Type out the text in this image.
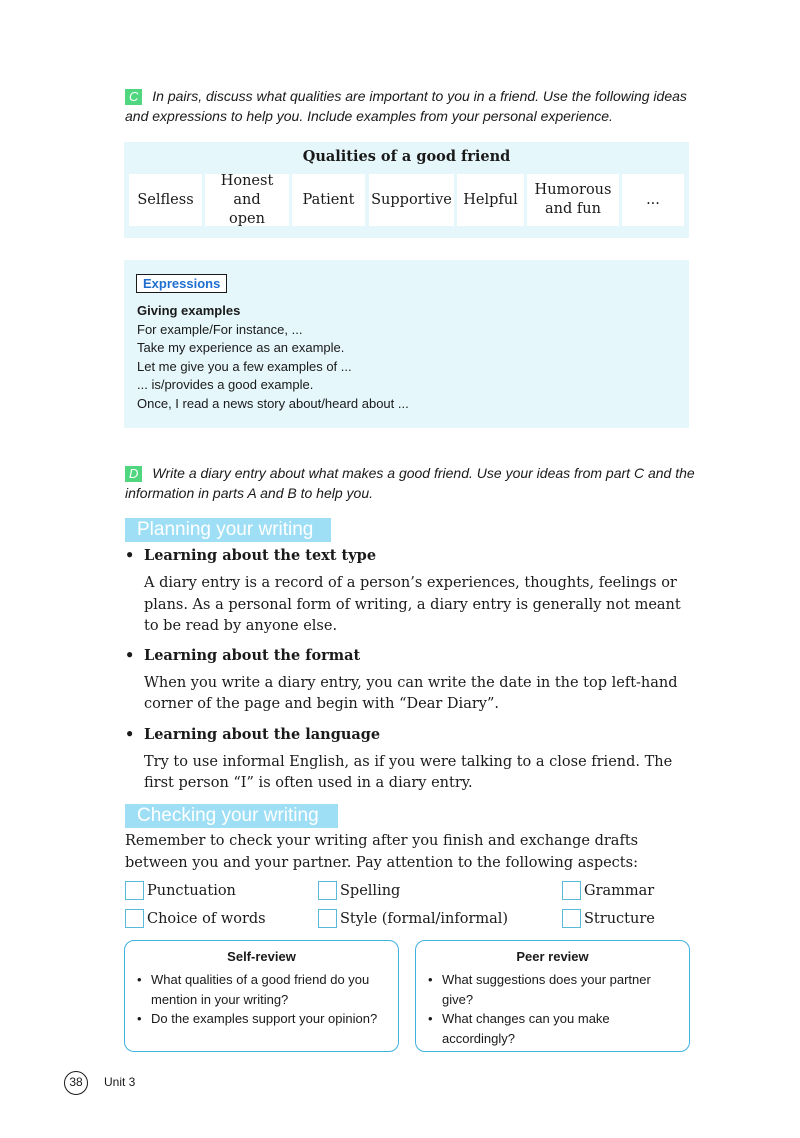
C In pairs, discuss what qualities are important to you in a friend. Use the following ideas and expressions to help you. Include examples from your personal experience.
Qualities of a good friend
Selfless
Honest and open
Patient	Supportive Helpful
Humorous and fun
...
Expressions
Giving examples
For example/For instance, ...
Take my experience as an example.
Let me give you a few examples of ...
... is/provides a good example.
Once, I read a news story about/heard about ...
D Write a diary entry about what makes a good friend. Use your ideas from part C and the information in parts A and B to help you.
Planning your writing
• Learning about the text type
A diary entry is a record of a person’s experiences, thoughts, feelings or plans. As a personal form of writing, a diary entry is generally not meant to be read by anyone else.
• Learning about the format
When you write a diary entry, you can write the date in the top left-hand corner of the page and begin with “Dear Diary”.
• Learning about the language
Try to use informal English, as if you were talking to a close friend. The first person “I” is often used in a diary entry.
Checking your writing
Remember to check your writing after you finish and exchange drafts between you and your partner. Pay attention to the following aspects:
Punctuation	Spelling	Grammar
Choice of words	Style (formal/informal)	Structure
Self-review
• What qualities of a good friend do you mention in your writing?
• Do the examples support your opinion?
Peer review
• What suggestions does your partner give?
• What changes can you make accordingly?
38	Unit 3
